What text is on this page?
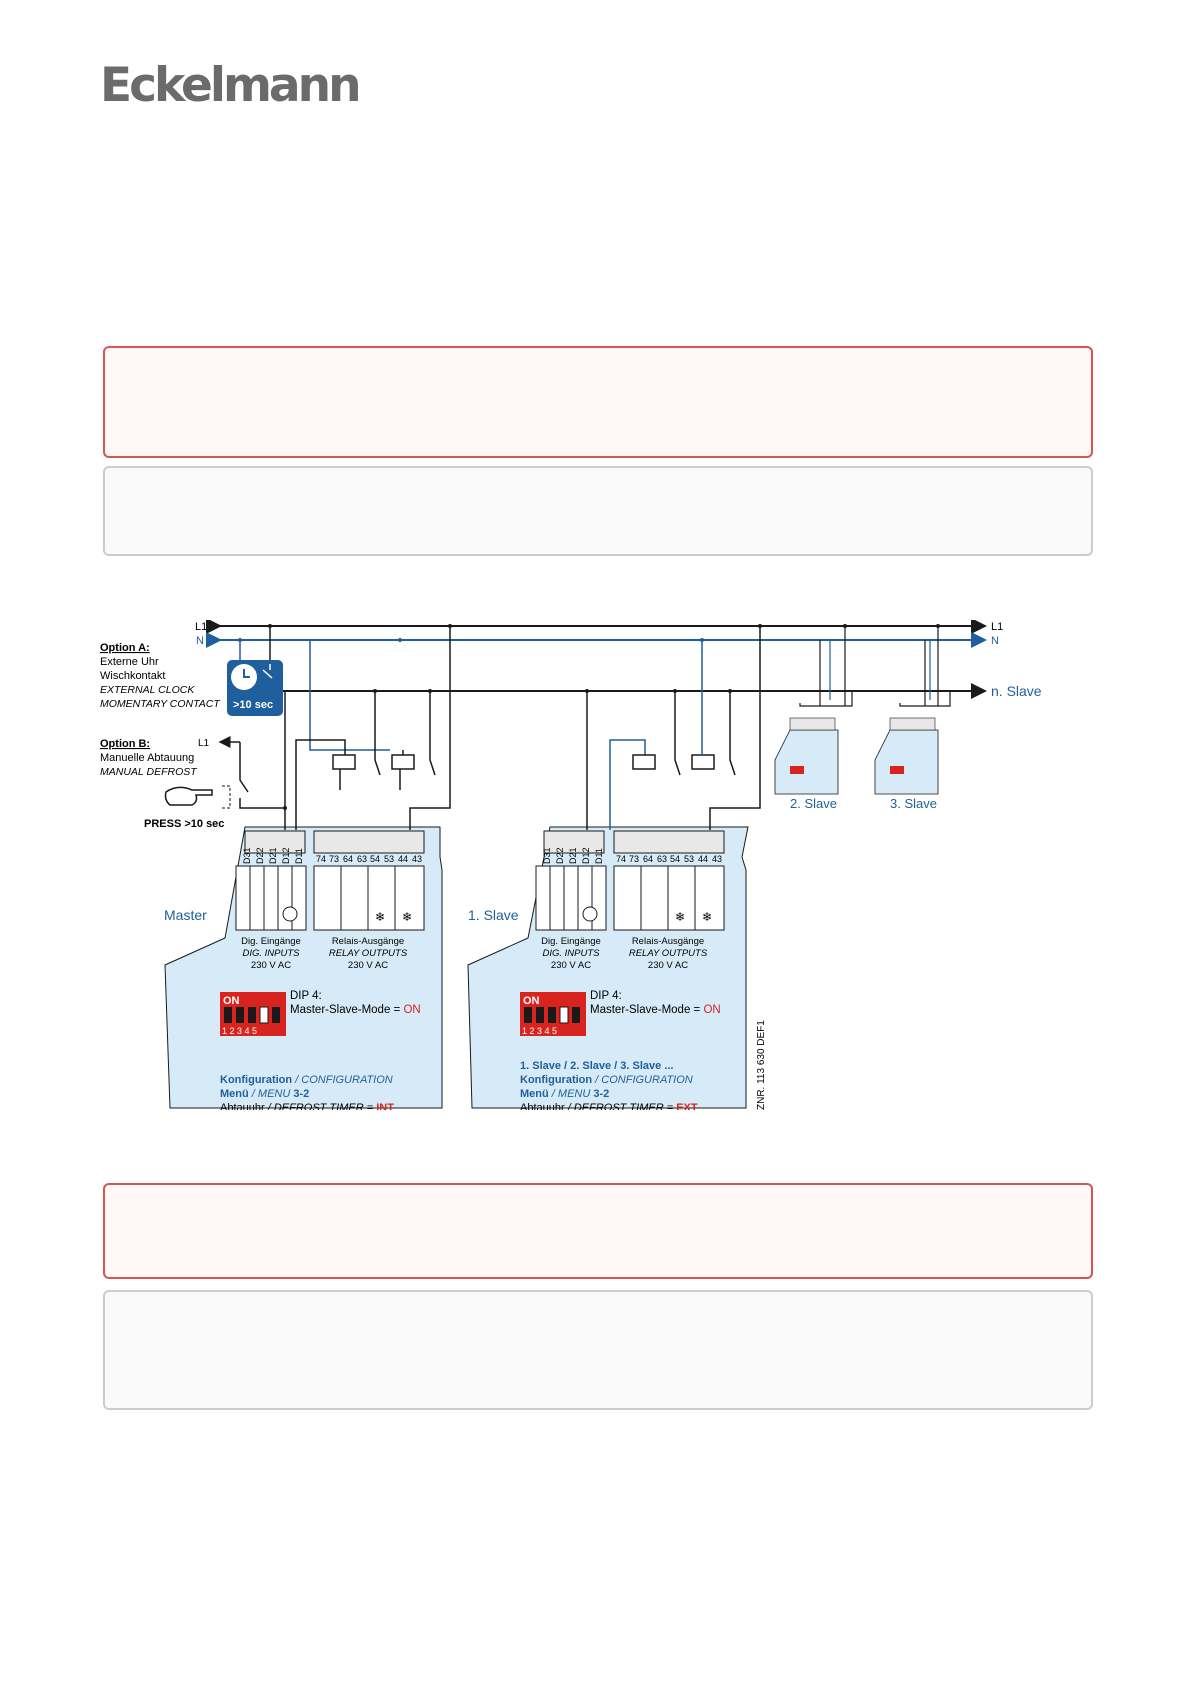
Eckelmann
L1
N
L1
N
n. Slave
Option A:
Externe Uhr
Wischkontakt
EXTERNAL CLOCK
MOMENTARY CONTACT >10 sec
Option B:
Manuelle Abtauung
MANUAL DEFROST
L1
PRESS >10 sec
Master	❄ ❄
D31 D22 D21 D12 D11 74 73 64 63 54 53 44 43
Dig. Eingänge
DIG. INPUTS
230 V AC
Relais-Ausgänge
RELAY OUTPUTS
230 V AC
ON
1 2 3 4 5
DIP 4:
Master-Slave-Mode = ON
Konfiguration / CONFIGURATION
Menü / MENU 3-2
Abtauuhr / DEFROST TIMER = INT
1. Slave	❄ ❄
D31 D22 D21 D12 D11 74 73 64 63 54 53 44 43
Dig. Eingänge
DIG. INPUTS
230 V AC
Relais-Ausgänge
RELAY OUTPUTS
230 V AC
ON
1 2 3 4 5
DIP 4:
Master-Slave-Mode = ON
1. Slave / 2. Slave / 3. Slave ...
Konfiguration / CONFIGURATION
Menü / MENU 3-2
Abtauuhr / DEFROST TIMER = EXT	ZNR. 113 630 DEF1
2. Slave	3. Slave
